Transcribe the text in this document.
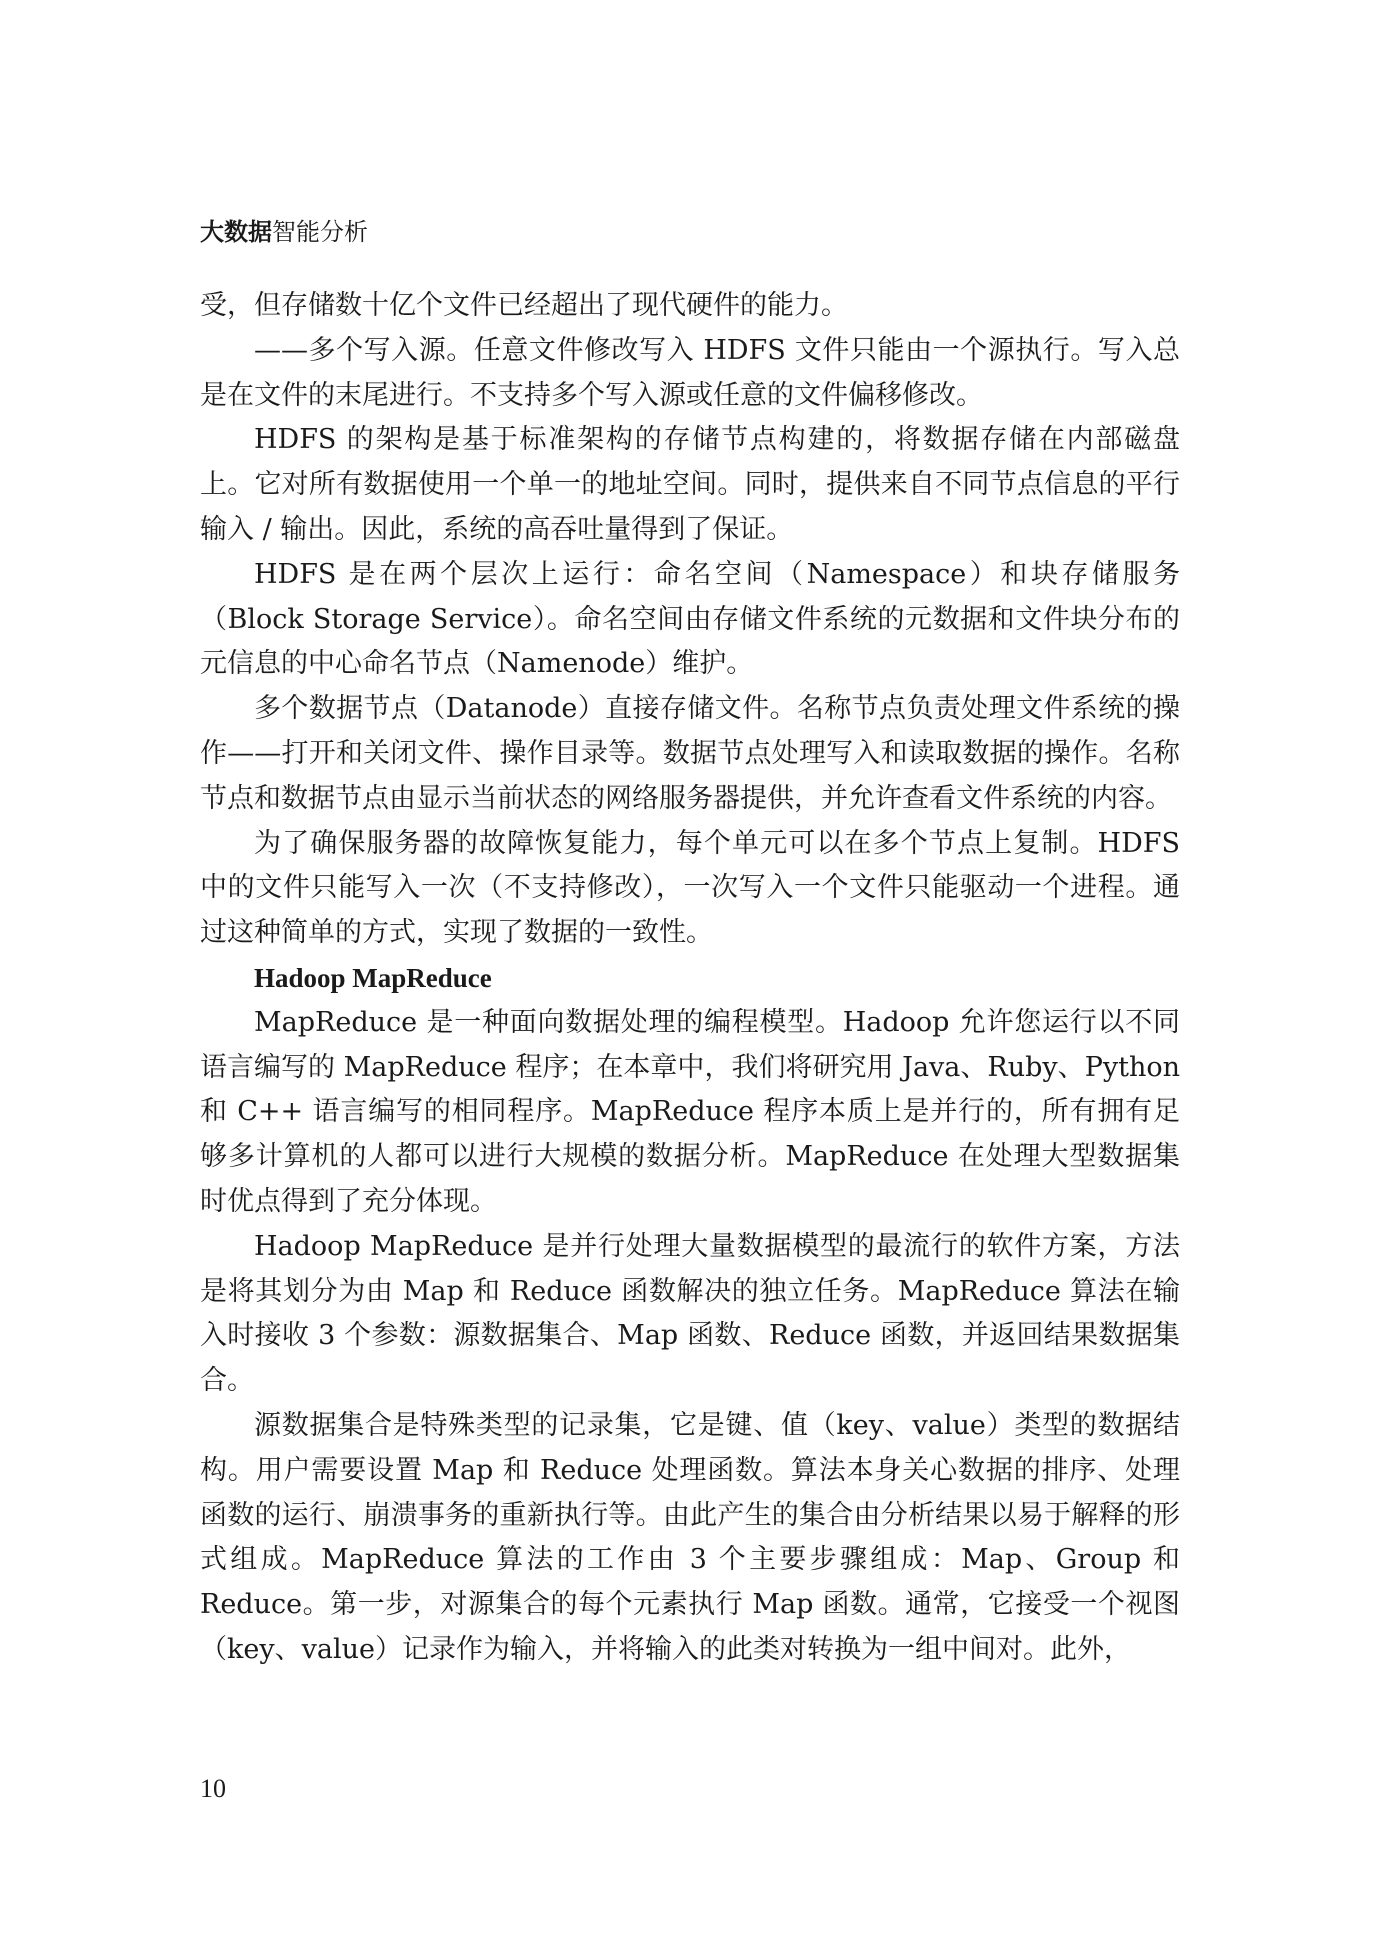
大数据智能分析

受，但存储数十亿个文件已经超出了现代硬件的能力。

——多个写入源。任意文件修改写入 HDFS 文件只能由一个源执行。写入总是在文件的末尾进行。不支持多个写入源或任意的文件偏移修改。

HDFS 的架构是基于标准架构的存储节点构建的，将数据存储在内部磁盘上。它对所有数据使用一个单一的地址空间。同时，提供来自不同节点信息的平行输入 / 输出。因此，系统的高吞吐量得到了保证。

HDFS 是在两个层次上运行：命名空间（Namespace）和块存储服务（Block Storage Service）。命名空间由存储文件系统的元数据和文件块分布的元信息的中心命名节点（Namenode）维护。

多个数据节点（Datanode）直接存储文件。名称节点负责处理文件系统的操作——打开和关闭文件、操作目录等。数据节点处理写入和读取数据的操作。名称节点和数据节点由显示当前状态的网络服务器提供，并允许查看文件系统的内容。

为了确保服务器的故障恢复能力，每个单元可以在多个节点上复制。HDFS 中的文件只能写入一次（不支持修改），一次写入一个文件只能驱动一个进程。通过这种简单的方式，实现了数据的一致性。

Hadoop MapReduce

MapReduce 是一种面向数据处理的编程模型。Hadoop 允许您运行以不同语言编写的 MapReduce 程序；在本章中，我们将研究用 Java、Ruby、Python 和 C++ 语言编写的相同程序。MapReduce 程序本质上是并行的，所有拥有足够多计算机的人都可以进行大规模的数据分析。MapReduce 在处理大型数据集时优点得到了充分体现。

Hadoop MapReduce 是并行处理大量数据模型的最流行的软件方案，方法是将其划分为由 Map 和 Reduce 函数解决的独立任务。MapReduce 算法在输入时接收 3 个参数：源数据集合、Map 函数、Reduce 函数，并返回结果数据集合。

源数据集合是特殊类型的记录集，它是键、值（key、value）类型的数据结构。用户需要设置 Map 和 Reduce 处理函数。算法本身关心数据的排序、处理函数的运行、崩溃事务的重新执行等。由此产生的集合由分析结果以易于解释的形式组成。MapReduce 算法的工作由 3 个主要步骤组成：Map、Group 和 Reduce。第一步，对源集合的每个元素执行 Map 函数。通常，它接受一个视图（key、value）记录作为输入，并将输入的此类对转换为一组中间对。此外，

10
